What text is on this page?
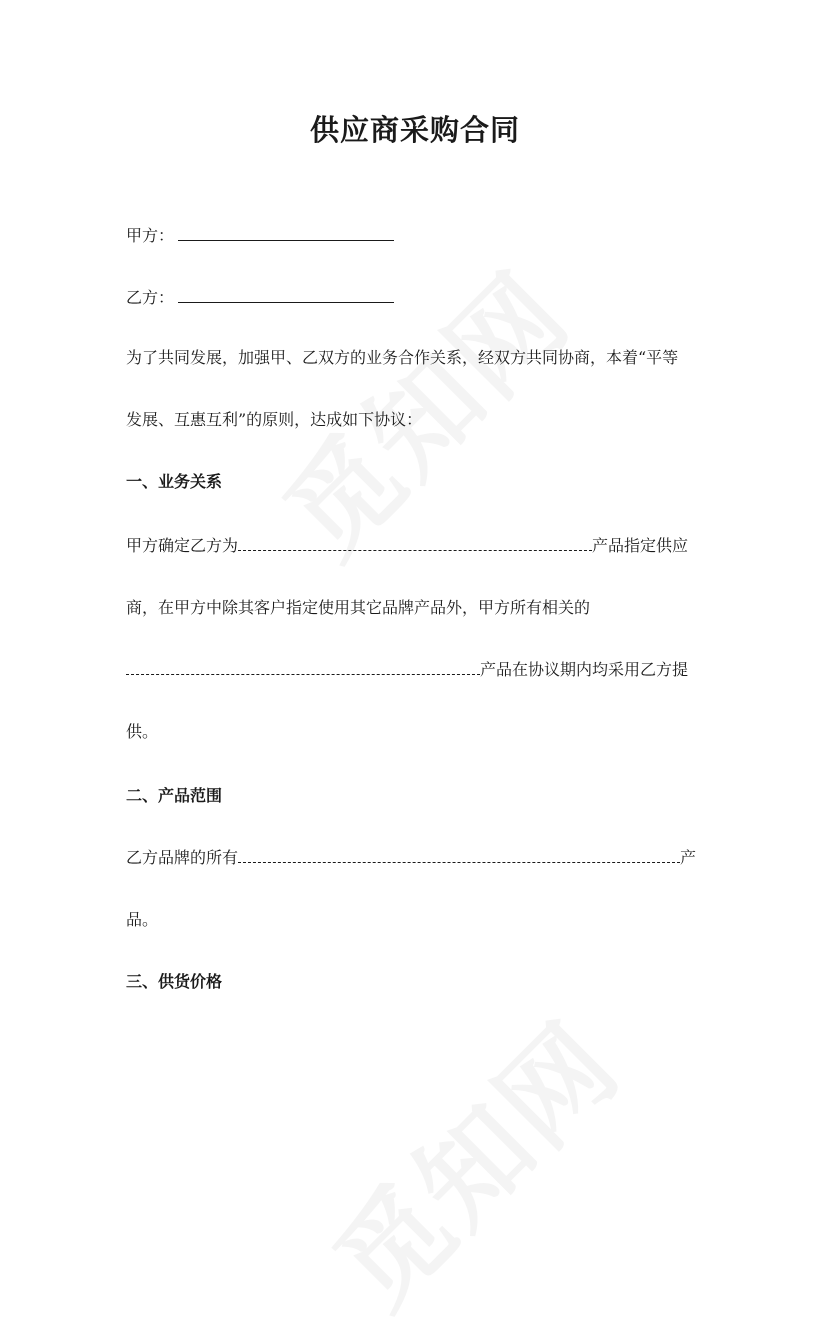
供应商采购合同
甲方：
乙方：
为了共同发展，加强甲、乙双方的业务合作关系，经双方共同协商，本着“平等
发展、互惠互利”的原则，达成如下协议：
一、业务关系
甲方确定乙方为	产品指定供应
商，在甲方中除其客户指定使用其它品牌产品外，甲方所有相关的
产品在协议期内均采用乙方提
供。
二、产品范围
乙方品牌的所有	产
品。
三、供货价格
